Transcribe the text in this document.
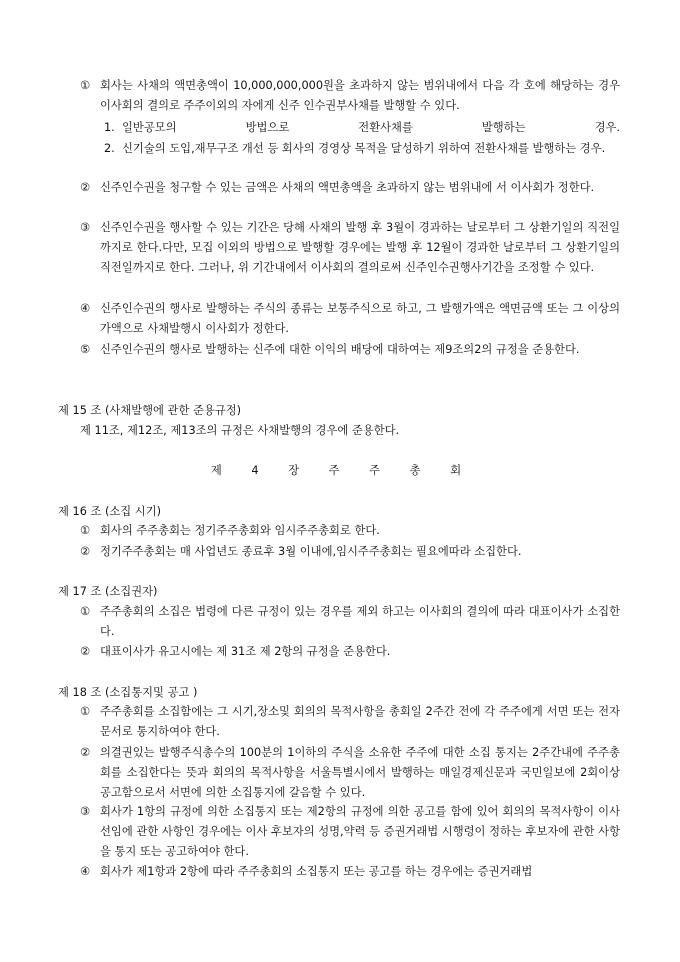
① 회사는 사채의 액면총액이 10,000,000,000원을 초과하지 않는 범위내에서 다음 각 호에 해당하는 경우 이사회의 결의로 주주이외의 자에게 신주 인수권부사채를 발행할 수 있다.
1. 일반공모의 방법으로 전환사채를 발행하는 경우.
2. 신기술의 도입,재무구조 개선 등 회사의 경영상 목적을 달성하기 위하여 전환사채를 발행하는 경우.
② 신주인수권을 청구할 수 있는 금액은 사채의 액면총액을 초과하지 않는 범위내에 서 이사회가 정한다.
③ 신주인수권을 행사할 수 있는 기간은 당해 사채의 발행 후 3월이 경과하는 날로부터 그 상환기일의 직전일까지로 한다.다만, 모집 이외의 방법으로 발행할 경우에는 발행 후 12월이 경과한 날로부터 그 상환기일의 직전일까지로 한다. 그러나, 위 기간내에서 이사회의 결의로써 신주인수권행사기간을 조정할 수 있다.
④ 신주인수권의 행사로 발행하는 주식의 종류는 보통주식으로 하고, 그 발행가액은 액면금액 또는 그 이상의 가액으로 사채발행시 이사회가 정한다.
⑤ 신주인수권의 행사로 발행하는 신주에 대한 이익의 배당에 대하여는 제9조의2의 규정을 준용한다.
제 15 조 (사채발행에 관한 준용규정)
제 11조, 제12조, 제13조의 규정은 사채발행의 경우에 준용한다.
제 4 장 주 주 총 회
제 16 조 (소집 시기)
① 회사의 주주총회는 정기주주총회와 임시주주총회로 한다.
② 정기주주총회는 매 사업년도 종료후 3월 이내에,임시주주총회는 필요에따라 소집한다.
제 17 조 (소집권자)
① 주주총회의 소집은 법령에 다른 규정이 있는 경우를 제외 하고는 이사회의 결의에 따라 대표이사가 소집한다.
② 대표이사가 유고시에는 제 31조 제 2항의 규정을 준용한다.
제 18 조 (소집통지및 공고 )
① 주주총회를 소집함에는 그 시기,장소및 회의의 목적사항을 총회일 2주간 전에 각 주주에게 서면 또는 전자문서로 통지하여야 한다.
② 의결권있는 발행주식총수의 100분의 1이하의 주식을 소유한 주주에 대한 소집 통지는 2주간내에 주주총회를 소집한다는 뜻과 회의의 목적사항을 서울특별시에서 발행하는 매일경제신문과 국민일보에 2회이상 공고함으로서 서면에 의한 소집통지에 갈음할 수 있다.
③ 회사가 1항의 규정에 의한 소집통지 또는 제2항의 규정에 의한 공고를 함에 있어 회의의 목적사항이 이사 선임에 관한 사항인 경우에는 이사 후보자의 성명,약력 등 증권거래법 시행령이 정하는 후보자에 관한 사항을 통지 또는 공고하여야 한다.
④ 회사가 제1항과 2항에 따라 주주총회의 소집통지 또는 공고를 하는 경우에는 증권거래법
